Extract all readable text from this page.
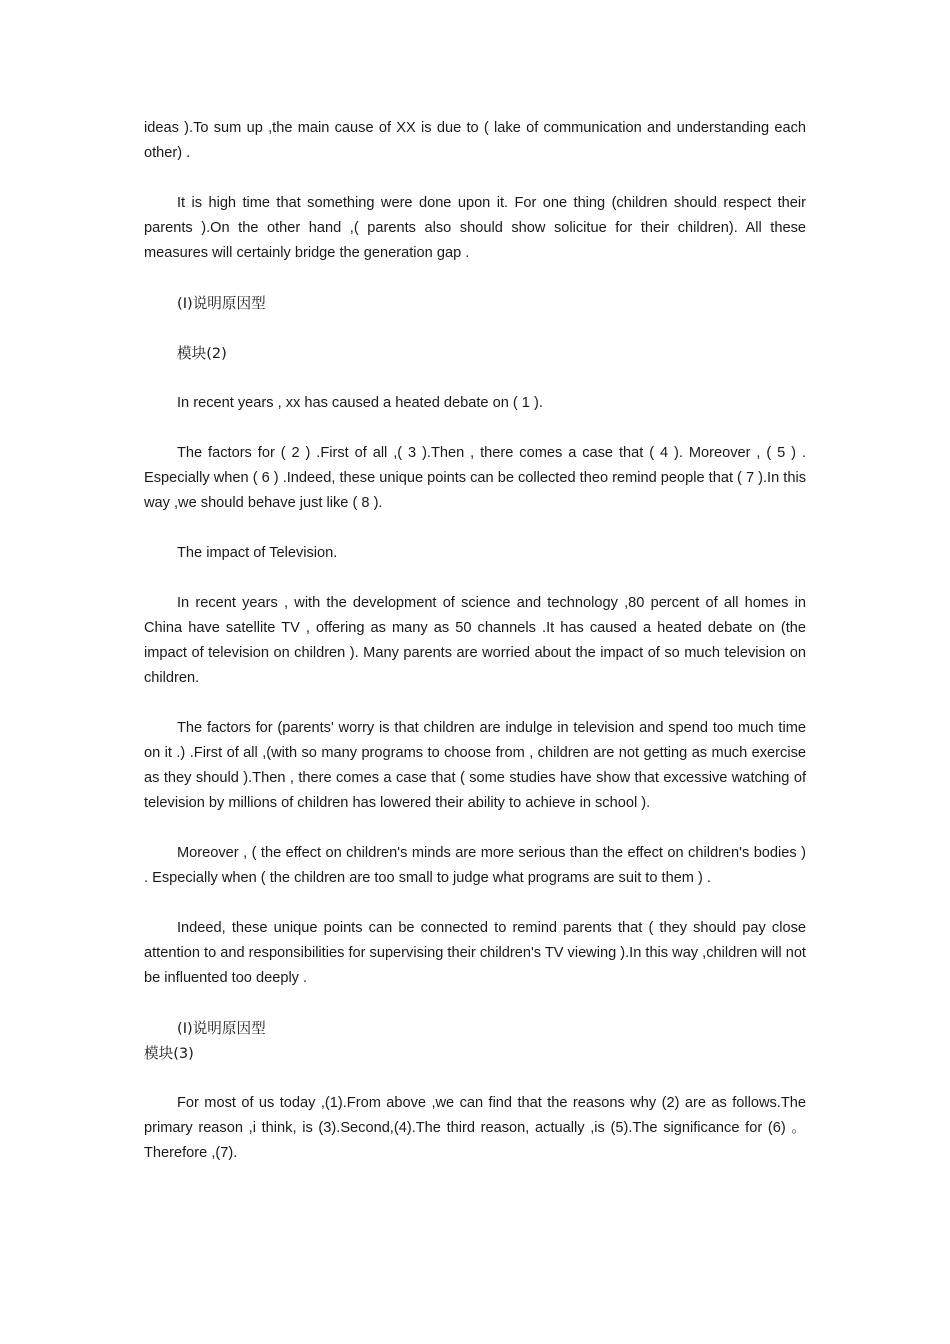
ideas ).To sum up ,the main cause of XX is due to ( lake of communication and understanding each other) .

It is high time that something were done upon it. For one thing (children should respect their parents ).On the other hand ,( parents also should show solicitue for their children). All these measures will certainly bridge the generation gap .

(I)说明原因型

模块(2)

In recent years , xx has caused a heated debate on ( 1 ).

The factors for ( 2 ) .First of all ,( 3 ).Then , there comes a case that ( 4 ). Moreover , ( 5 ) . Especially when ( 6 ) .Indeed, these unique points can be collected theo remind people that ( 7 ).In this way ,we should behave just like ( 8 ).

The impact of Television.

In recent years , with the development of science and technology ,80 percent of all homes in China have satellite TV , offering as many as 50 channels .It has caused a heated debate on (the impact of television on children ). Many parents are worried about the impact of so much television on children.

The factors for (parents' worry is that children are indulge in television and spend too much time on it .) .First of all ,(with so many programs to choose from , children are not getting as much exercise as they should ).Then , there comes a case that ( some studies have show that excessive watching of television by millions of children has lowered their ability to achieve in school ).

Moreover , ( the effect on children's minds are more serious than the effect on children's bodies ) . Especially when ( the children are too small to judge what programs are suit to them ) .

Indeed, these unique points can be connected to remind parents that ( they should pay close attention to and responsibilities for supervising their children's TV viewing ).In this way ,children will not be influented too deeply .

(I)说明原因型

模块(3)

For most of us today ,(1).From above ,we can find that the reasons why (2) are as follows.The primary reason ,i think, is (3).Second,(4).The third reason, actually ,is (5).The significance for (6) 。Therefore ,(7).
